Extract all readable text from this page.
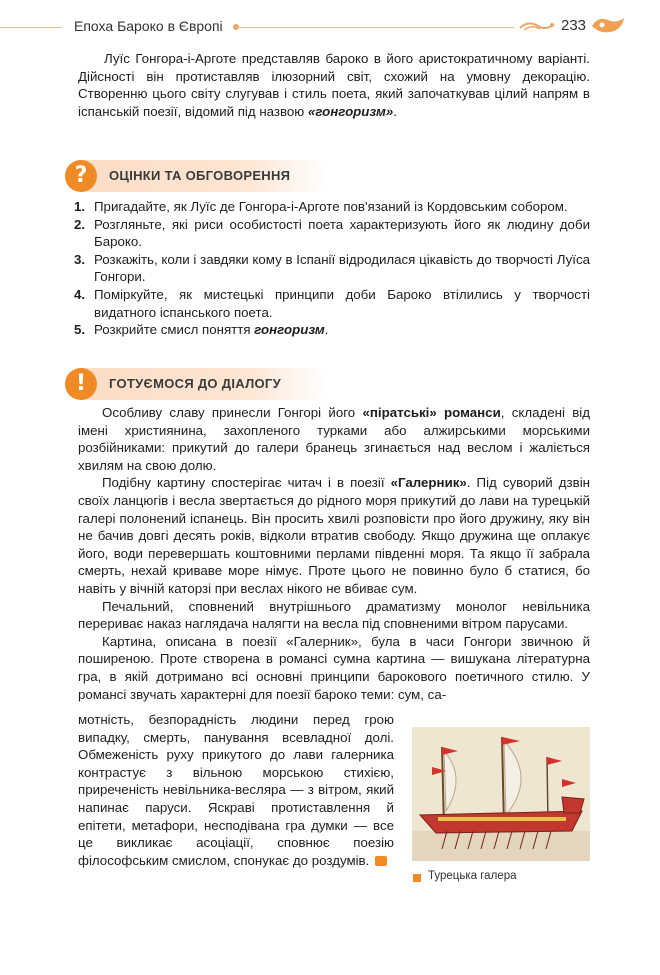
Епоха Бароко в Європі	233

Луїс Гонгора-і-Арготе представляв бароко в його аристократичному варіанті. Дійсності він протиставляв ілюзорний світ, схожий на умовну декорацію. Створенню цього світу слугував і стиль поета, який започаткував цілий напрям в іспанській поезії, відомий під назвою «гонгоризм».

?	ОЦІНКИ ТА ОБГОВОРЕННЯ
1. Пригадайте, як Луїс де Гонгора-і-Арготе пов'язаний із Кордовським собором.
2. Розгляньте, які риси особистості поета характеризують його як людину доби Бароко.
3. Розкажіть, коли і завдяки кому в Іспанії відродилася цікавість до творчості Луїса Гонгори.
4. Поміркуйте, як мистецькі принципи доби Бароко втілились у творчості видатного іспанського поета.
5. Розкрийте смисл поняття гонгоризм.
!	ГОТУЄМОСЯ ДО ДІАЛОГУ

Особливу славу принесли Гонгорі його «піратські» романси, складені від імені християнина, захопленого турками або алжирськими морськими розбійниками: прикутий до галери бранець згинається над веслом і жаліється хвилям на свою долю.

Подібну картину спостерігає читач і в поезії «Галерник». Під суворий дзвін своїх ланцюгів і весла звертається до рідного моря прикутий до лави на турецькій галері полонений іспанець. Він просить хвилі розповісти про його дружину, яку він не бачив довгі десять років, відколи втратив свободу. Якщо дружина ще оплакує його, води перевершать коштовними перлами південні моря. Та якщо її забрала смерть, нехай криваве море німує. Проте цього не повинно було б статися, бо навіть у вічній каторзі при веслах нікого не вбиває сум.

Печальний, сповнений внутрішнього драматизму монолог невільника перериває наказ наглядача налягти на весла під сповненими вітром парусами.

Картина, описана в поезії «Галерник», була в часи Гонгори звичною й поширеною. Проте створена в романсі сумна картина — вишукана літературна гра, в якій дотримано всі основні принципи барокового поетичного стилю. У романсі звучать характерні для поезії бароко теми: сум, са-

мотність, безпорадність людини перед грою випадку, смерть, панування всевладної долі. Обмеженість руху прикутого до лави галерника контрастує з вільною морською стихією, приреченість невільника-весляра — з вітром, який напинає паруси. Яскраві протиставлення й епітети, метафори, несподівана гра думки — все це викликає асоціації, сповнює поезію філософським смислом, спонукає до роздумів.

Турецька галера
